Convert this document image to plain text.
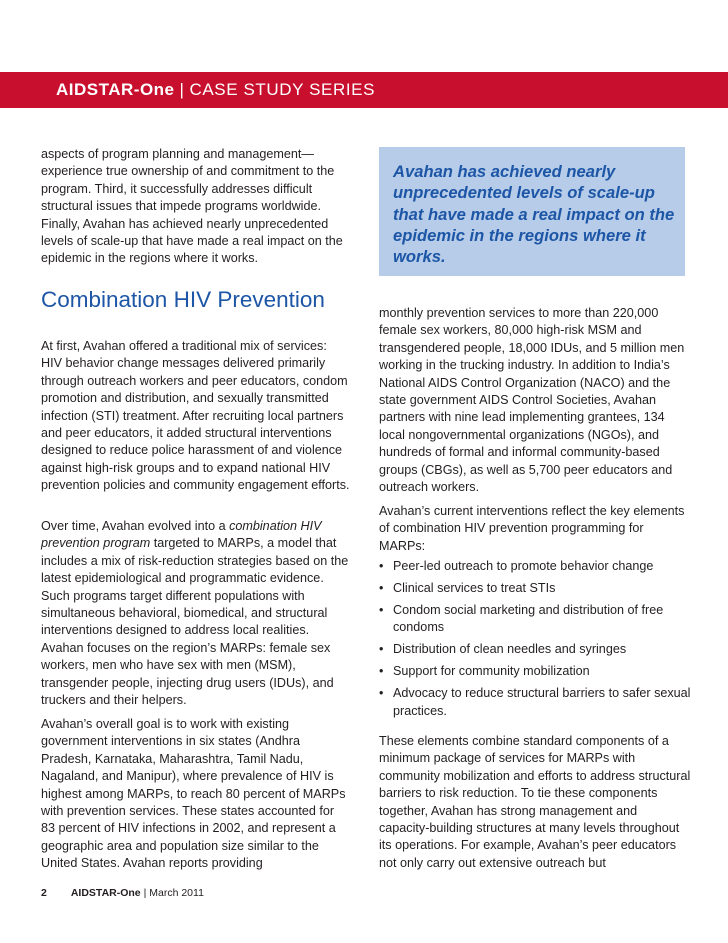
AIDSTAR-One | CASE STUDY SERIES

aspects of program planning and management—experience true ownership of and commitment to the program. Third, it successfully addresses difficult structural issues that impede programs worldwide. Finally, Avahan has achieved nearly unprecedented levels of scale-up that have made a real impact on the epidemic in the regions where it works.

Avahan has achieved nearly unprecedented levels of scale-up that have made a real impact on the epidemic in the regions where it works.

Combination HIV Prevention

At first, Avahan offered a traditional mix of services: HIV behavior change messages delivered primarily through outreach workers and peer educators, condom promotion and distribution, and sexually transmitted infection (STI) treatment. After recruiting local partners and peer educators, it added structural interventions designed to reduce police harassment of and violence against high-risk groups and to expand national HIV prevention policies and community engagement efforts.

Over time, Avahan evolved into a combination HIV prevention program targeted to MARPs, a model that includes a mix of risk-reduction strategies based on the latest epidemiological and programmatic evidence. Such programs target different populations with simultaneous behavioral, biomedical, and structural interventions designed to address local realities. Avahan focuses on the region’s MARPs: female sex workers, men who have sex with men (MSM), transgender people, injecting drug users (IDUs), and truckers and their helpers.

Avahan’s overall goal is to work with existing government interventions in six states (Andhra Pradesh, Karnataka, Maharashtra, Tamil Nadu, Nagaland, and Manipur), where prevalence of HIV is highest among MARPs, to reach 80 percent of MARPs with prevention services. These states accounted for 83 percent of HIV infections in 2002, and represent a geographic area and population size similar to the United States. Avahan reports providing

monthly prevention services to more than 220,000 female sex workers, 80,000 high-risk MSM and transgendered people, 18,000 IDUs, and 5 million men working in the trucking industry. In addition to India’s National AIDS Control Organization (NACO) and the state government AIDS Control Societies, Avahan partners with nine lead implementing grantees, 134 local nongovernmental organizations (NGOs), and hundreds of formal and informal community-based groups (CBGs), as well as 5,700 peer educators and outreach workers.

Avahan’s current interventions reflect the key elements of combination HIV prevention programming for MARPs:

• Peer-led outreach to promote behavior change
• Clinical services to treat STIs
• Condom social marketing and distribution of free condoms
• Distribution of clean needles and syringes
• Support for community mobilization
• Advocacy to reduce structural barriers to safer sexual practices.

These elements combine standard components of a minimum package of services for MARPs with community mobilization and efforts to address structural barriers to risk reduction. To tie these components together, Avahan has strong management and capacity-building structures at many levels throughout its operations. For example, Avahan’s peer educators not only carry out extensive outreach but

2 AIDSTAR-One | March 2011
